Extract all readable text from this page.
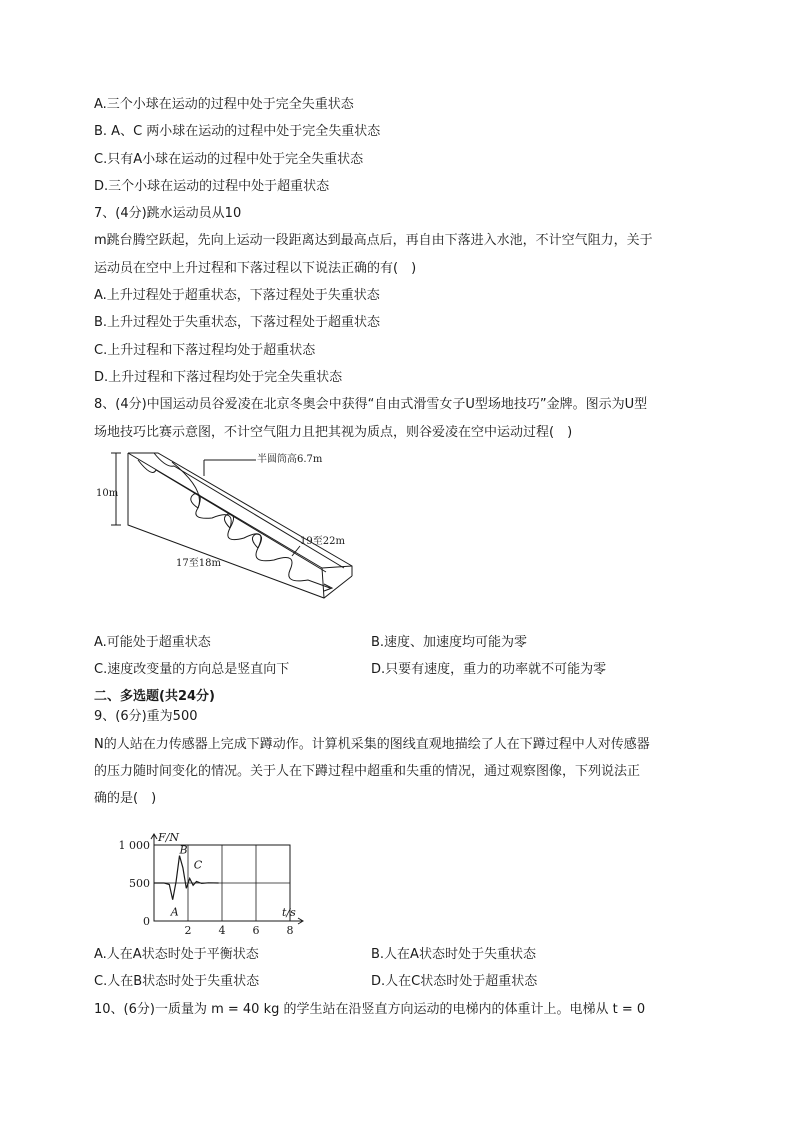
A.三个小球在运动的过程中处于完全失重状态
B. A、C 两小球在运动的过程中处于完全失重状态
C.只有A小球在运动的过程中处于完全失重状态
D.三个小球在运动的过程中处于超重状态
7、(4分)跳水运动员从10
m跳台腾空跃起，先向上运动一段距离达到最高点后，再自由下落进入水池，不计空气阻力，关于
运动员在空中上升过程和下落过程以下说法正确的有(　)
A.上升过程处于超重状态，下落过程处于失重状态
B.上升过程处于失重状态，下落过程处于超重状态
C.上升过程和下落过程均处于超重状态
D.上升过程和下落过程均处于完全失重状态
8、(4分)中国运动员谷爱凌在北京冬奥会中获得“自由式滑雪女子U型场地技巧”金牌。图示为U型
场地技巧比赛示意图，不计空气阻力且把其视为质点，则谷爱凌在空中运动过程(　)
10m
半圆筒高6.7m
17至18m
19至22m
A.可能处于超重状态	B.速度、加速度均可能为零
C.速度改变量的方向总是竖直向下	D.只要有速度，重力的功率就不可能为零
二、多选题(共24分)
9、(6分)重为500
N的人站在力传感器上完成下蹲动作。计算机采集的图线直观地描绘了人在下蹲过程中人对传感器
的压力随时间变化的情况。关于人在下蹲过程中超重和失重的情况，通过观察图像，下列说法正
确的是(　)
2 4 6 8
0
500
1 000
F/N
t/s
A
B
C
A.人在A状态时处于平衡状态	B.人在A状态时处于失重状态
C.人在B状态时处于失重状态	D.人在C状态时处于超重状态
10、(6分)一质量为 m = 40 kg 的学生站在沿竖直方向运动的电梯内的体重计上。电梯从 t = 0
